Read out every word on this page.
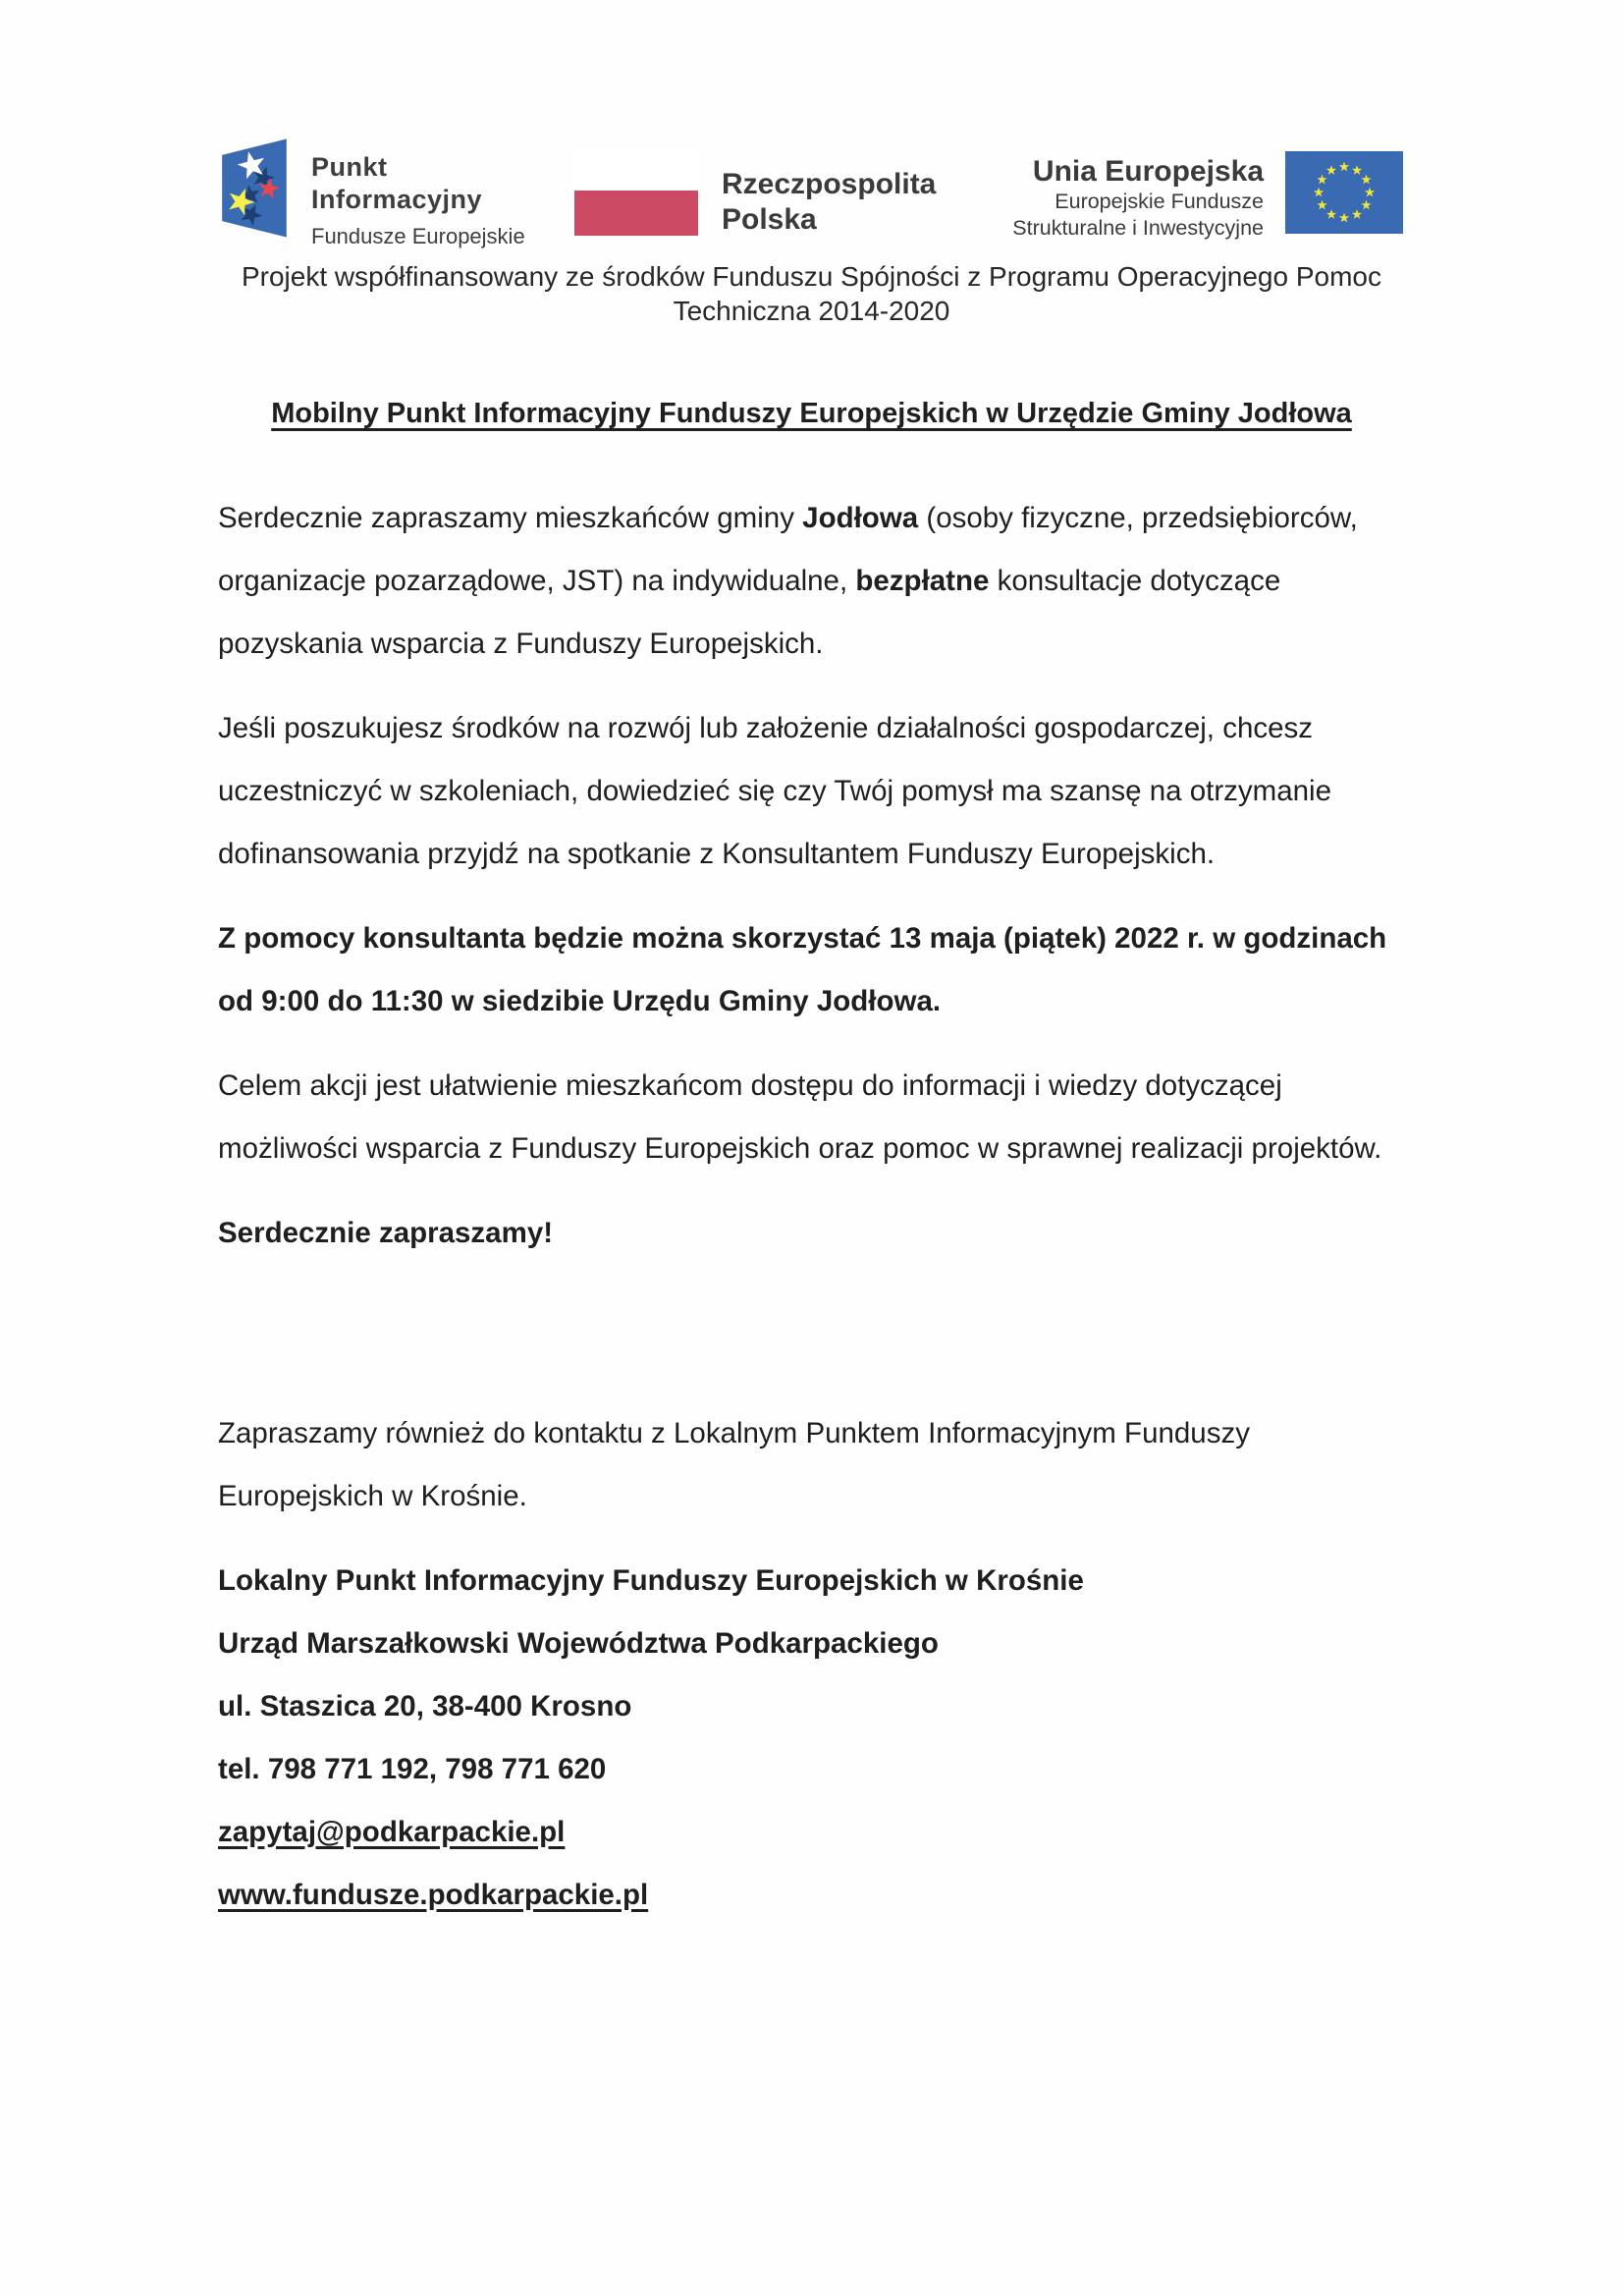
Punkt
Informacyjny
Fundusze Europejskie
Rzeczpospolita
Polska
Unia Europejska
Europejskie Fundusze
Strukturalne i Inwestycyjne
Projekt współfinansowany ze środków Funduszu Spójności z Programu Operacyjnego Pomoc
Techniczna 2014-2020
Mobilny Punkt Informacyjny Funduszy Europejskich w Urzędzie Gminy Jodłowa

Serdecznie zapraszamy mieszkańców gminy Jodłowa (osoby fizyczne, przedsiębiorców, organizacje pozarządowe, JST) na indywidualne, bezpłatne konsultacje dotyczące pozyskania wsparcia z Funduszy Europejskich.

Jeśli poszukujesz środków na rozwój lub założenie działalności gospodarczej, chcesz uczestniczyć w szkoleniach, dowiedzieć się czy Twój pomysł ma szansę na otrzymanie dofinansowania przyjdź na spotkanie z Konsultantem Funduszy Europejskich.

Z pomocy konsultanta będzie można skorzystać 13 maja (piątek) 2022 r. w godzinach od 9:00 do 11:30 w siedzibie Urzędu Gminy Jodłowa.

Celem akcji jest ułatwienie mieszkańcom dostępu do informacji i wiedzy dotyczącej możliwości wsparcia z Funduszy Europejskich oraz pomoc w sprawnej realizacji projektów.

Serdecznie zapraszamy!

Zapraszamy również do kontaktu z Lokalnym Punktem Informacyjnym Funduszy Europejskich w Krośnie.

Lokalny Punkt Informacyjny Funduszy Europejskich w Krośnie
Urząd Marszałkowski Województwa Podkarpackiego
ul. Staszica 20, 38-400 Krosno
tel. 798 771 192, 798 771 620
zapytaj@podkarpackie.pl
www.fundusze.podkarpackie.pl
